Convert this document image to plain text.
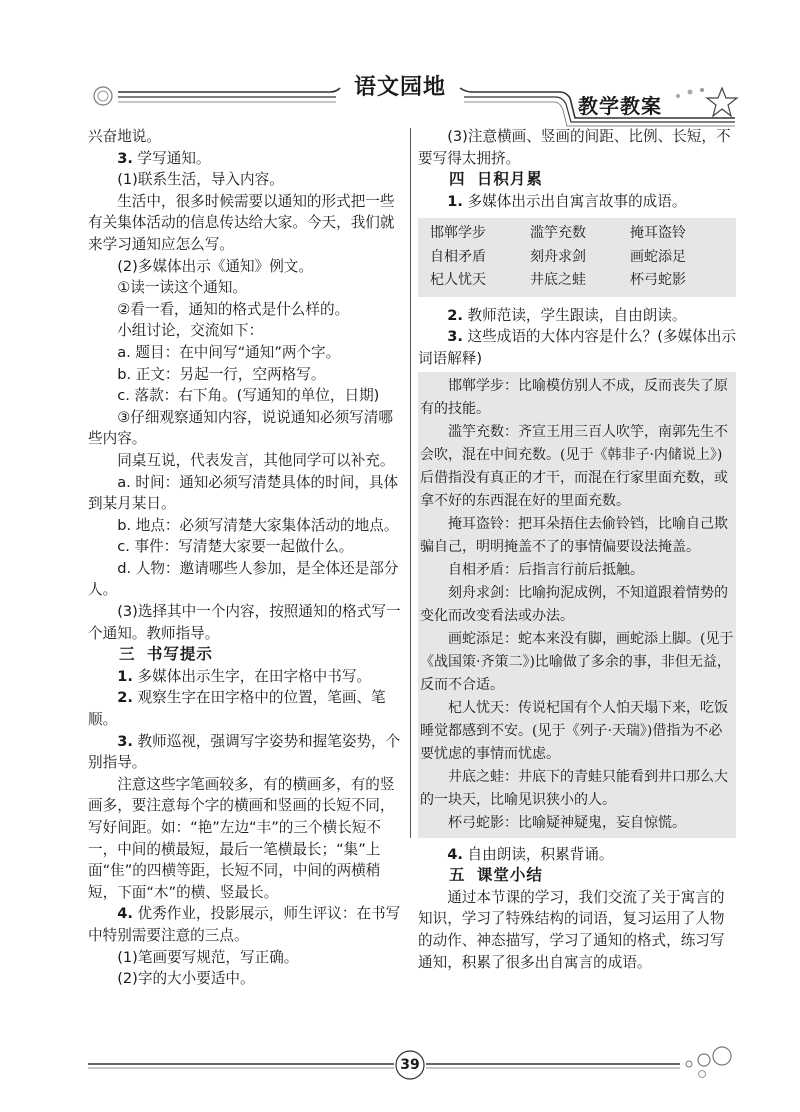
语文园地
教学教案

兴奋地说。

3. 学写通知。

(1)联系生活，导入内容。

生活中，很多时候需要以通知的形式把一些有关集体活动的信息传达给大家。今天，我们就来学习通知应怎么写。

(2)多媒体出示《通知》例文。

①读一读这个通知。

②看一看，通知的格式是什么样的。

小组讨论，交流如下：

a. 题目：在中间写“通知”两个字。

b. 正文：另起一行，空两格写。

c. 落款：右下角。(写通知的单位，日期)

③仔细观察通知内容，说说通知必须写清哪些内容。

同桌互说，代表发言，其他同学可以补充。

a. 时间：通知必须写清楚具体的时间，具体到某月某日。

b. 地点：必须写清楚大家集体活动的地点。

c. 事件：写清楚大家要一起做什么。

d. 人物：邀请哪些人参加，是全体还是部分人。

(3)选择其中一个内容，按照通知的格式写一个通知。教师指导。

三 书写提示

1. 多媒体出示生字，在田字格中书写。

2. 观察生字在田字格中的位置，笔画、笔顺。

3. 教师巡视，强调写字姿势和握笔姿势，个别指导。

注意这些字笔画较多，有的横画多，有的竖画多，要注意每个字的横画和竖画的长短不同，写好间距。如：“艳”左边“丰”的三个横长短不一，中间的横最短，最后一笔横最长；“集”上面“隹”的四横等距，长短不同，中间的两横稍短，下面“木”的横、竖最长。

4. 优秀作业，投影展示，师生评议：在书写中特别需要注意的三点。

(1)笔画要写规范，写正确。

(2)字的大小要适中。

(3)注意横画、竖画的间距、比例、长短，不要写得太拥挤。

四 日积月累

1. 多媒体出示出自寓言故事的成语。

邯郸学步	滥竽充数	掩耳盗铃
自相矛盾	刻舟求剑	画蛇添足
杞人忧天	井底之蛙	杯弓蛇影

2. 教师范读，学生跟读，自由朗读。

3. 这些成语的大体内容是什么？(多媒体出示词语解释)

邯郸学步：比喻模仿别人不成，反而丧失了原有的技能。

滥竽充数：齐宣王用三百人吹竽，南郭先生不会吹，混在中间充数。(见于《韩非子·内储说上》)后借指没有真正的才干，而混在行家里面充数，或拿不好的东西混在好的里面充数。

掩耳盗铃：把耳朵捂住去偷铃铛，比喻自己欺骗自己，明明掩盖不了的事情偏要设法掩盖。

自相矛盾：后指言行前后抵触。

刻舟求剑：比喻拘泥成例，不知道跟着情势的变化而改变看法或办法。

画蛇添足：蛇本来没有脚，画蛇添上脚。(见于《战国策·齐策二》)比喻做了多余的事，非但无益，反而不合适。

杞人忧天：传说杞国有个人怕天塌下来，吃饭睡觉都感到不安。(见于《列子·天瑞》)借指为不必要忧虑的事情而忧虑。

井底之蛙：井底下的青蛙只能看到井口那么大的一块天，比喻见识狭小的人。

杯弓蛇影：比喻疑神疑鬼，妄自惊慌。

4. 自由朗读，积累背诵。

五 课堂小结

通过本节课的学习，我们交流了关于寓言的知识，学习了特殊结构的词语，复习运用了人物的动作、神态描写，学习了通知的格式，练习写通知，积累了很多出自寓言的成语。

39
